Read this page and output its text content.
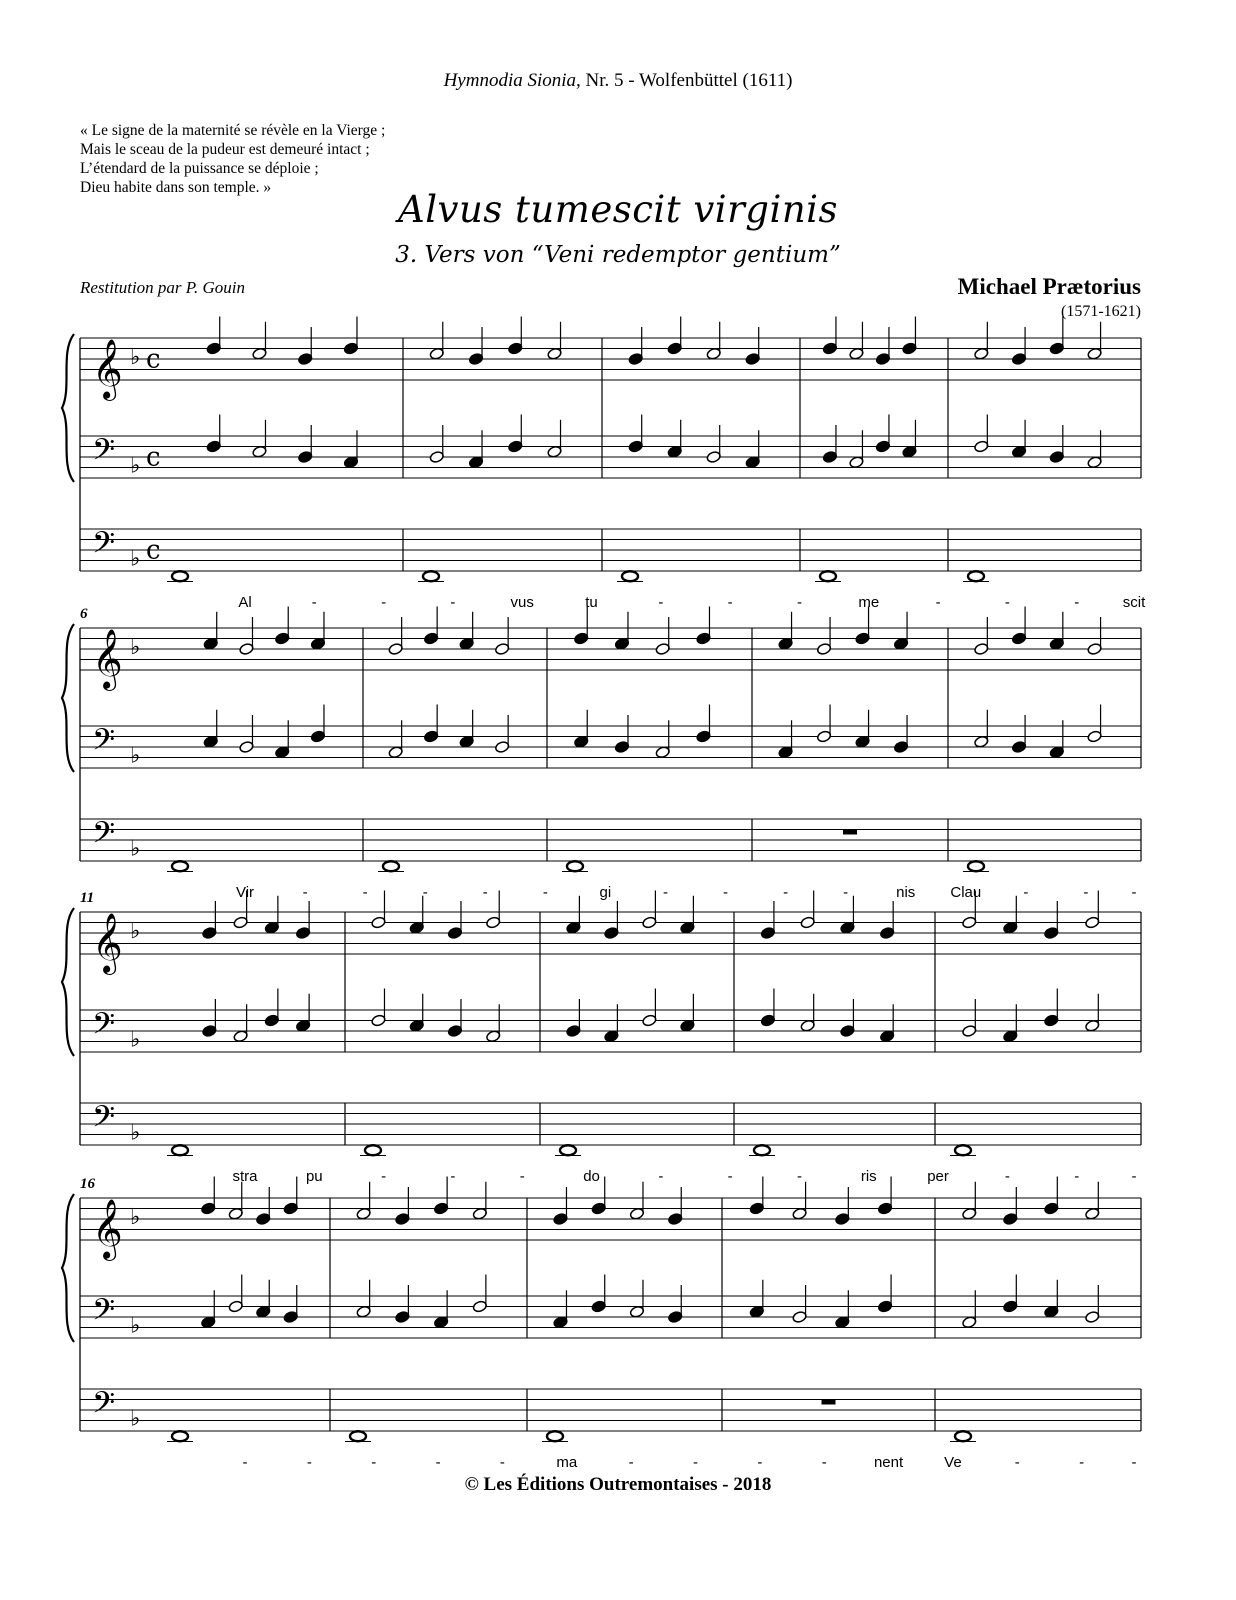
Hymnodia Sionia, Nr. 5 - Wolfenbüttel (1611)
« Le signe de la maternité se révèle en la Vierge ;
Mais le sceau de la pudeur est demeuré intact ;
L’étendard de la puissance se déploie ;
Dieu habite dans son temple. »
Alvus tumescit virginis
3. Vers von “Veni redemptor gentium”
Restitution par P. Gouin	Michael Prætorius
(1571-1621)
𝄞 ♭ c
𝄢 ♭ c
𝄢 ♭ c
Al	-	-	-	vus	tu	-	-	-	me	-	-	-	scit
𝄞 ♭
𝄢 ♭
𝄢 ♭
6
Vir	-	-	-	-	-	gi	-	-	-	-	nis Clau	-	-	-
𝄞 ♭
𝄢 ♭
𝄢 ♭
11
stra	pu	-	-	-	do	-	-	-	ris	per	-	-	-
𝄞 ♭
𝄢 ♭
𝄢 ♭
16
-	-	-	-	-	ma	-	-	-	-	nent	Ve	-	-	-
© Les Éditions Outremontaises - 2018
